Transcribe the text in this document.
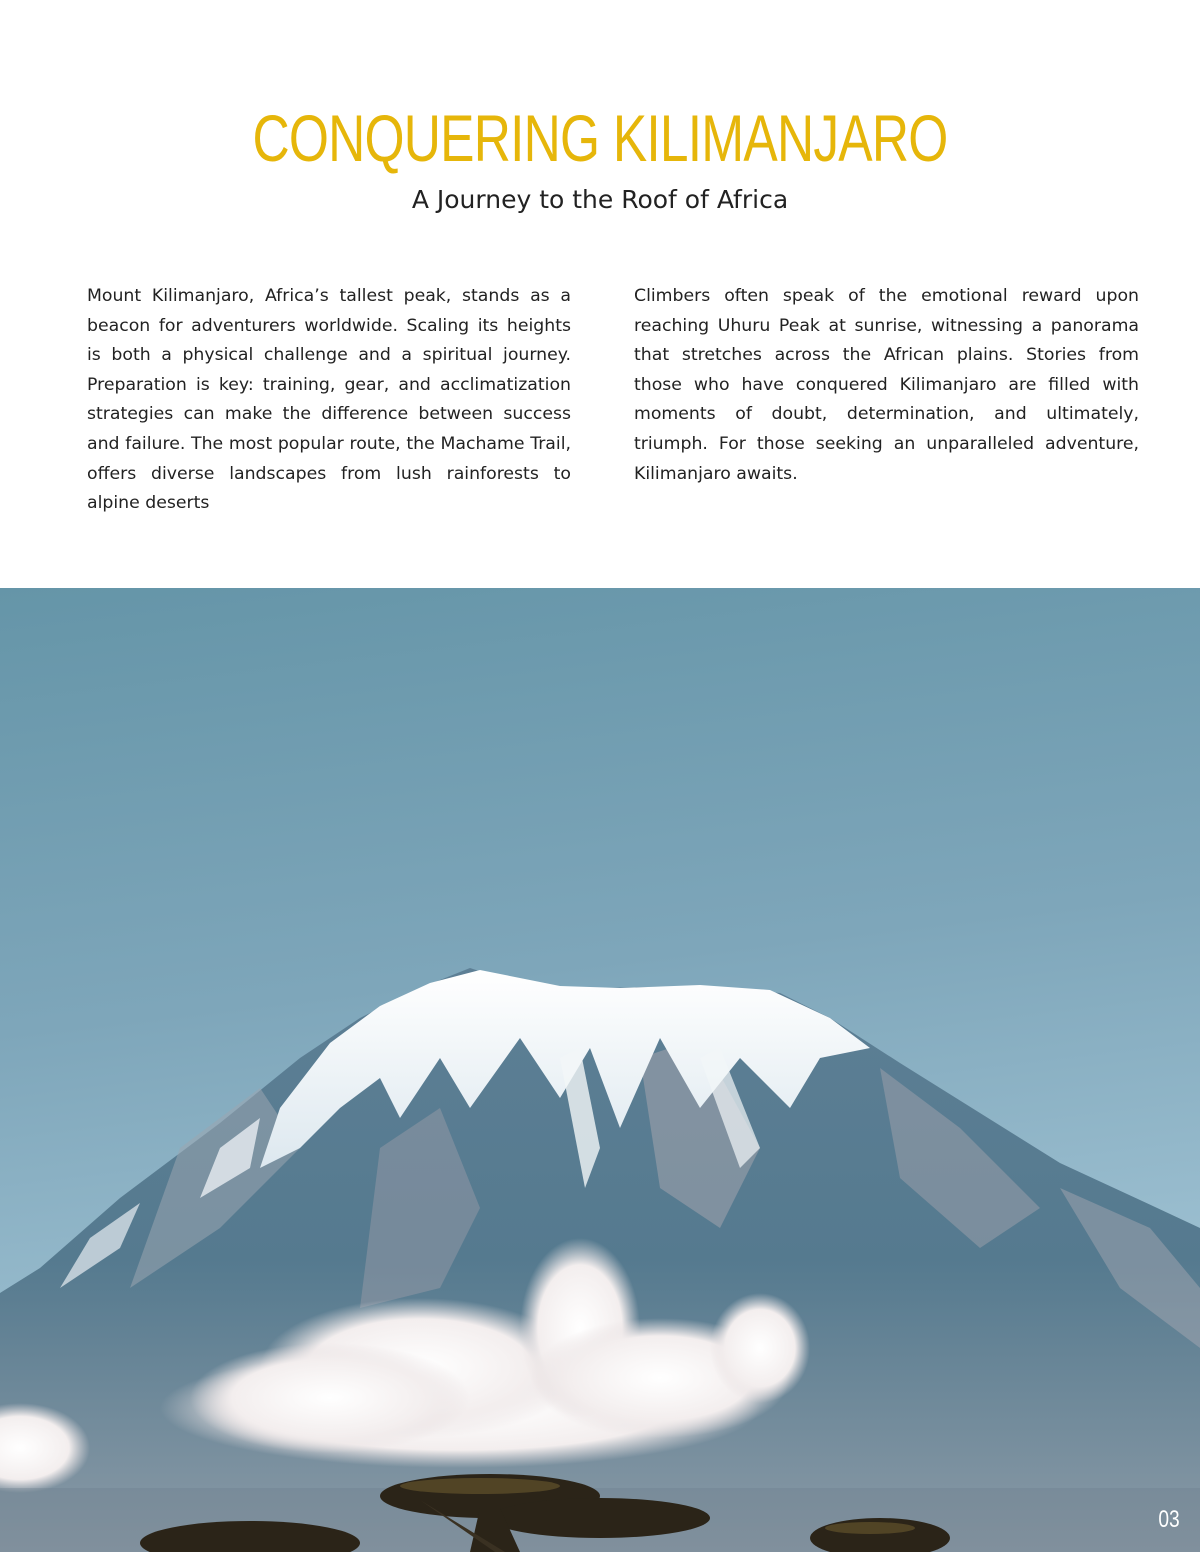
CONQUERING KILIMANJARO
A Journey to the Roof of Africa

Mount Kilimanjaro, Africa’s tallest peak, stands as a beacon for adventurers worldwide. Scaling its heights is both a physical challenge and a spiritual journey. Preparation is key: training, gear, and acclimatization strategies can make the difference between success and failure. The most popular route, the Machame Trail, offers diverse landscapes from lush rainforests to alpine deserts

Climbers often speak of the emotional reward upon reaching Uhuru Peak at sunrise, witnessing a panorama that stretches across the African plains. Stories from those who have conquered Kilimanjaro are filled with moments of doubt, determination, and ultimately, triumph. For those seeking an unparalleled adventure, Kilimanjaro awaits.

03
